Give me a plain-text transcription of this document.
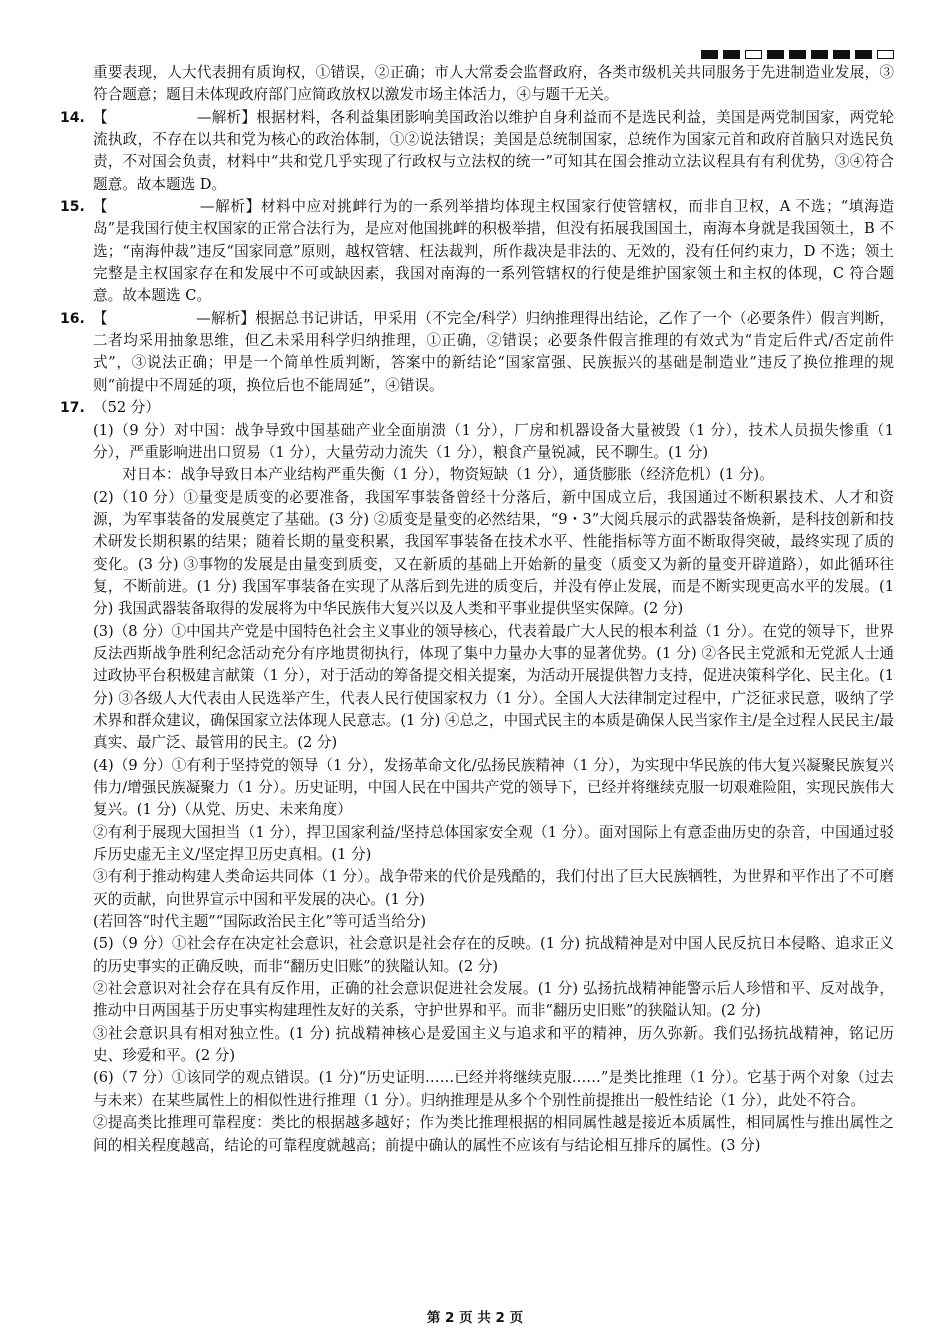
重要表现，人大代表拥有质询权，①错误，②正确；市人大常委会监督政府，各类市级机关共同服务于先进制造业发展，③符合题意；题目未体现政府部门应简政放权以激发市场主体活力，④与题干无关。

14. 【　　　　　　—解析】根据材料，各利益集团影响美国政治以维护自身利益而不是选民利益，美国是两党制国家，两党轮流执政，不存在以共和党为核心的政治体制，①②说法错误；美国是总统制国家，总统作为国家元首和政府首脑只对选民负责，不对国会负责，材料中“共和党几乎实现了行政权与立法权的统一”可知其在国会推动立法议程具有有利优势，③④符合题意。故本题选 D。

15. 【　　　　　　—解析】材料中应对挑衅行为的一系列举措均体现主权国家行使管辖权，而非自卫权，A 不选；“填海造岛”是我国行使主权国家的正常合法行为，是应对他国挑衅的积极举措，但没有拓展我国国土，南海本身就是我国领土，B 不选；“南海仲裁”违反“国家同意”原则，越权管辖、枉法裁判，所作裁决是非法的、无效的，没有任何约束力，D 不选；领土完整是主权国家存在和发展中不可或缺因素，我国对南海的一系列管辖权的行使是维护国家领土和主权的体现，C 符合题意。故本题选 C。

16. 【　　　　　　—解析】根据总书记讲话，甲采用（不完全/科学）归纳推理得出结论，乙作了一个（必要条件）假言判断，二者均采用抽象思维，但乙未采用科学归纳推理，①正确，②错误；必要条件假言推理的有效式为“肯定后件式/否定前件式”，③说法正确；甲是一个简单性质判断，答案中的新结论“国家富强、民族振兴的基础是制造业”违反了换位推理的规则“前提中不周延的项，换位后也不能周延”，④错误。

17. （52 分）

(1)（9 分）对中国：战争导致中国基础产业全面崩溃（1 分），厂房和机器设备大量被毁（1 分），技术人员损失惨重（1 分），严重影响进出口贸易（1 分），大量劳动力流失（1 分），粮食产量锐减，民不聊生。(1 分)

对日本：战争导致日本产业结构严重失衡（1 分），物资短缺（1 分），通货膨胀（经济危机）(1 分)。

(2)（10 分）①量变是质变的必要准备，我国军事装备曾经十分落后，新中国成立后，我国通过不断积累技术、人才和资源，为军事装备的发展奠定了基础。(3 分) ②质变是量变的必然结果，“9・3”大阅兵展示的武器装备焕新，是科技创新和技术研发长期积累的结果；随着长期的量变积累，我国军事装备在技术水平、性能指标等方面不断取得突破，最终实现了质的变化。(3 分) ③事物的发展是由量变到质变，又在新质的基础上开始新的量变（质变又为新的量变开辟道路），如此循环往复，不断前进。(1 分) 我国军事装备在实现了从落后到先进的质变后，并没有停止发展，而是不断实现更高水平的发展。(1 分) 我国武器装备取得的发展将为中华民族伟大复兴以及人类和平事业提供坚实保障。(2 分)

(3)（8 分）①中国共产党是中国特色社会主义事业的领导核心，代表着最广大人民的根本利益（1 分）。在党的领导下，世界反法西斯战争胜利纪念活动充分有序地贯彻执行，体现了集中力量办大事的显著优势。(1 分) ②各民主党派和无党派人士通过政协平台积极建言献策（1 分），对于活动的筹备提交相关提案，为活动开展提供智力支持，促进决策科学化、民主化。(1 分) ③各级人大代表由人民选举产生，代表人民行使国家权力（1 分）。全国人大法律制定过程中，广泛征求民意，吸纳了学术界和群众建议，确保国家立法体现人民意志。(1 分) ④总之，中国式民主的本质是确保人民当家作主/是全过程人民民主/最真实、最广泛、最管用的民主。(2 分)

(4)（9 分）①有利于坚持党的领导（1 分），发扬革命文化/弘扬民族精神（1 分），为实现中华民族的伟大复兴凝聚民族复兴伟力/增强民族凝聚力（1 分）。历史证明，中国人民在中国共产党的领导下，已经并将继续克服一切艰难险阻，实现民族伟大复兴。(1 分)（从党、历史、未来角度）

②有利于展现大国担当（1 分），捍卫国家利益/坚持总体国家安全观（1 分）。面对国际上有意歪曲历史的杂音，中国通过驳斥历史虚无主义/坚定捍卫历史真相。(1 分)

③有利于推动构建人类命运共同体（1 分）。战争带来的代价是残酷的，我们付出了巨大民族牺牲，为世界和平作出了不可磨灭的贡献，向世界宣示中国和平发展的决心。(1 分)

(若回答“时代主题”“国际政治民主化”等可适当给分)

(5)（9 分）①社会存在决定社会意识，社会意识是社会存在的反映。(1 分) 抗战精神是对中国人民反抗日本侵略、追求正义的历史事实的正确反映，而非“翻历史旧账”的狭隘认知。(2 分)

②社会意识对社会存在具有反作用，正确的社会意识促进社会发展。(1 分) 弘扬抗战精神能警示后人珍惜和平、反对战争，推动中日两国基于历史事实构建理性友好的关系，守护世界和平。而非“翻历史旧账”的狭隘认知。(2 分)

③社会意识具有相对独立性。(1 分) 抗战精神核心是爱国主义与追求和平的精神，历久弥新。我们弘扬抗战精神，铭记历史、珍爱和平。(2 分)

(6)（7 分）①该同学的观点错误。(1 分)“历史证明……已经并将继续克服……”是类比推理（1 分）。它基于两个对象（过去与未来）在某些属性上的相似性进行推理（1 分）。归纳推理是从多个个别性前提推出一般性结论（1 分），此处不符合。

②提高类比推理可靠程度：类比的根据越多越好；作为类比推理根据的相同属性越是接近本质属性，相同属性与推出属性之间的相关程度越高，结论的可靠程度就越高；前提中确认的属性不应该有与结论相互排斥的属性。(3 分)

第 2 页 共 2 页
